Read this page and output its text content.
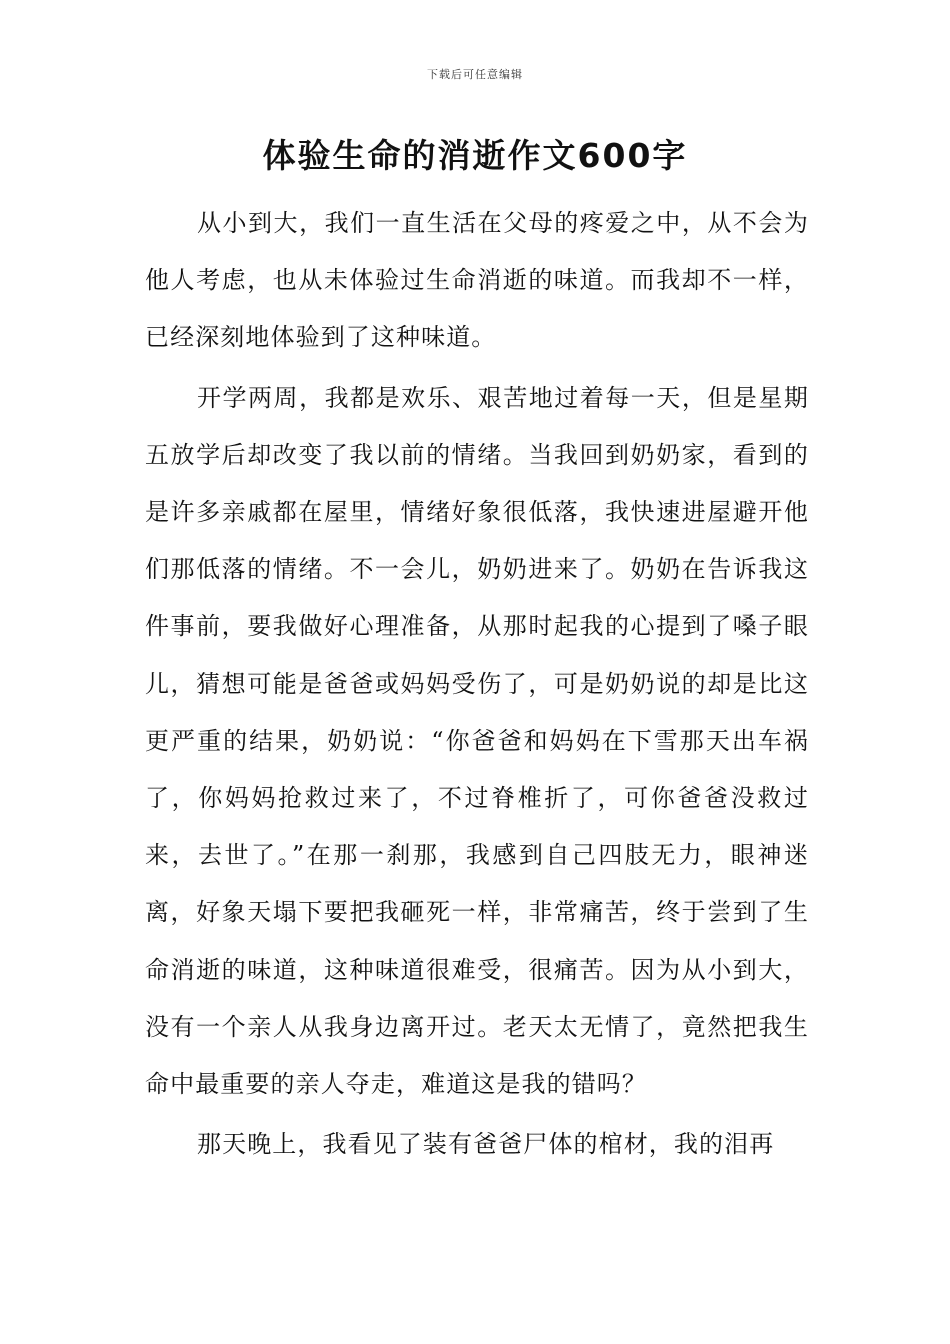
下载后可任意编辑
体验生命的消逝作文600字

从小到大，我们一直生活在父母的疼爱之中，从不会为他人考虑，也从未体验过生命消逝的味道。而我却不一样，已经深刻地体验到了这种味道。

开学两周，我都是欢乐、艰苦地过着每一天，但是星期五放学后却改变了我以前的情绪。当我回到奶奶家，看到的是许多亲戚都在屋里，情绪好象很低落，我快速进屋避开他们那低落的情绪。不一会儿，奶奶进来了。奶奶在告诉我这件事前，要我做好心理准备，从那时起我的心提到了嗓子眼儿，猜想可能是爸爸或妈妈受伤了，可是奶奶说的却是比这更严重的结果，奶奶说：“你爸爸和妈妈在下雪那天出车祸了，你妈妈抢救过来了，不过脊椎折了，可你爸爸没救过来，去世了。”在那一刹那，我感到自己四肢无力，眼神迷离，好象天塌下要把我砸死一样，非常痛苦，终于尝到了生命消逝的味道，这种味道很难受，很痛苦。因为从小到大，没有一个亲人从我身边离开过。老天太无情了，竟然把我生命中最重要的亲人夺走，难道这是我的错吗？

那天晚上，我看见了装有爸爸尸体的棺材，我的泪再
